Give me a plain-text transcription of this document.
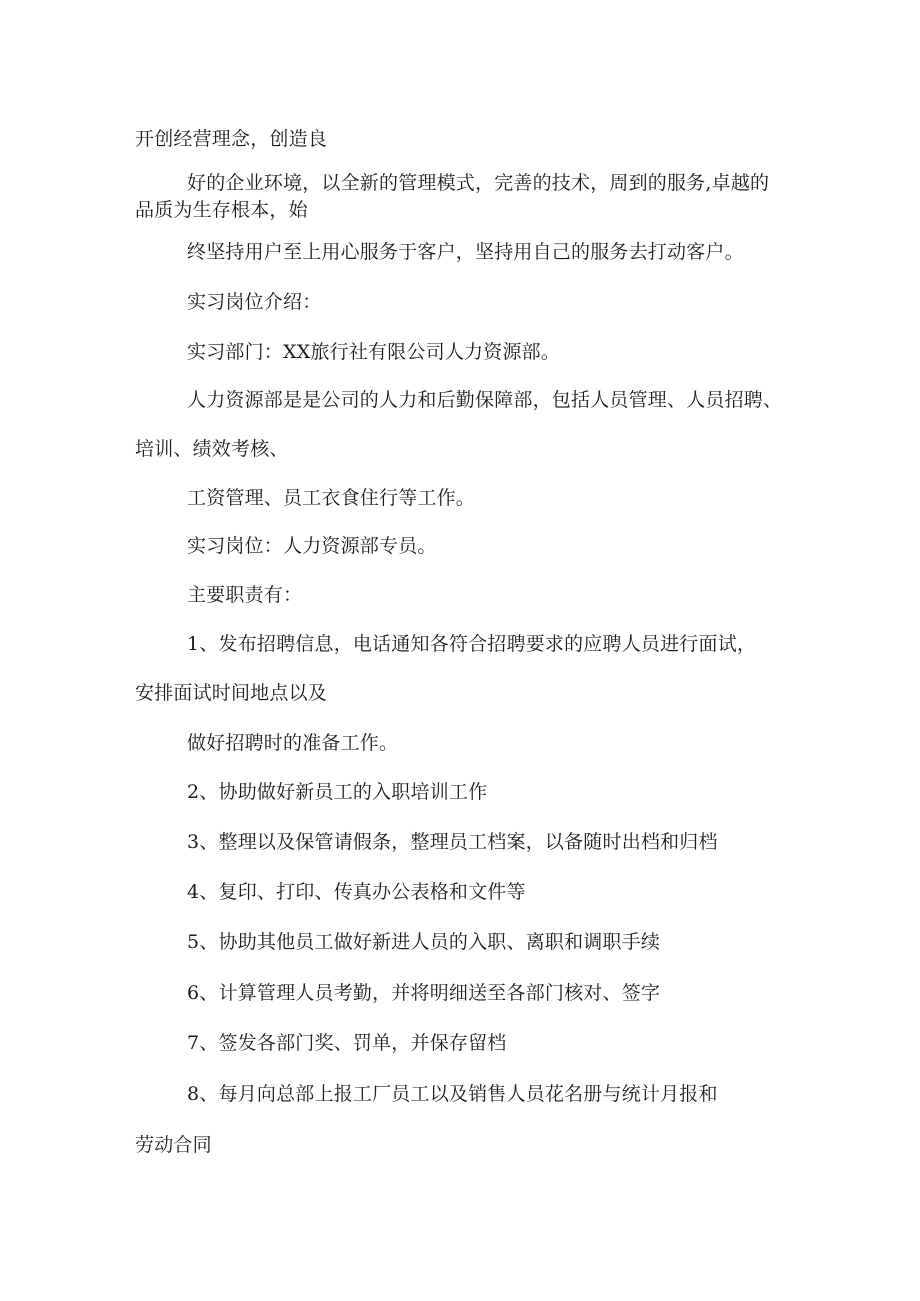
开创经营理念，创造良
好的企业环境，以全新的管理模式，完善的技术，周到的服务,卓越的品质为生存根本，始
终坚持用户至上用心服务于客户，坚持用自己的服务去打动客户。
实习岗位介绍：
实习部门：XX旅行社有限公司人力资源部。
人力资源部是是公司的人力和后勤保障部，包括人员管理、人员招聘、
培训、绩效考核、
工资管理、员工衣食住行等工作。
实习岗位：人力资源部专员。
主要职责有：
1、发布招聘信息，电话通知各符合招聘要求的应聘人员进行面试，
安排面试时间地点以及
做好招聘时的准备工作。
2、协助做好新员工的入职培训工作
3、整理以及保管请假条，整理员工档案，以备随时出档和归档
4、复印、打印、传真办公表格和文件等
5、协助其他员工做好新进人员的入职、离职和调职手续
6、计算管理人员考勤，并将明细送至各部门核对、签字
7、签发各部门奖、罚单，并保存留档
8、每月向总部上报工厂员工以及销售人员花名册与统计月报和
劳动合同
